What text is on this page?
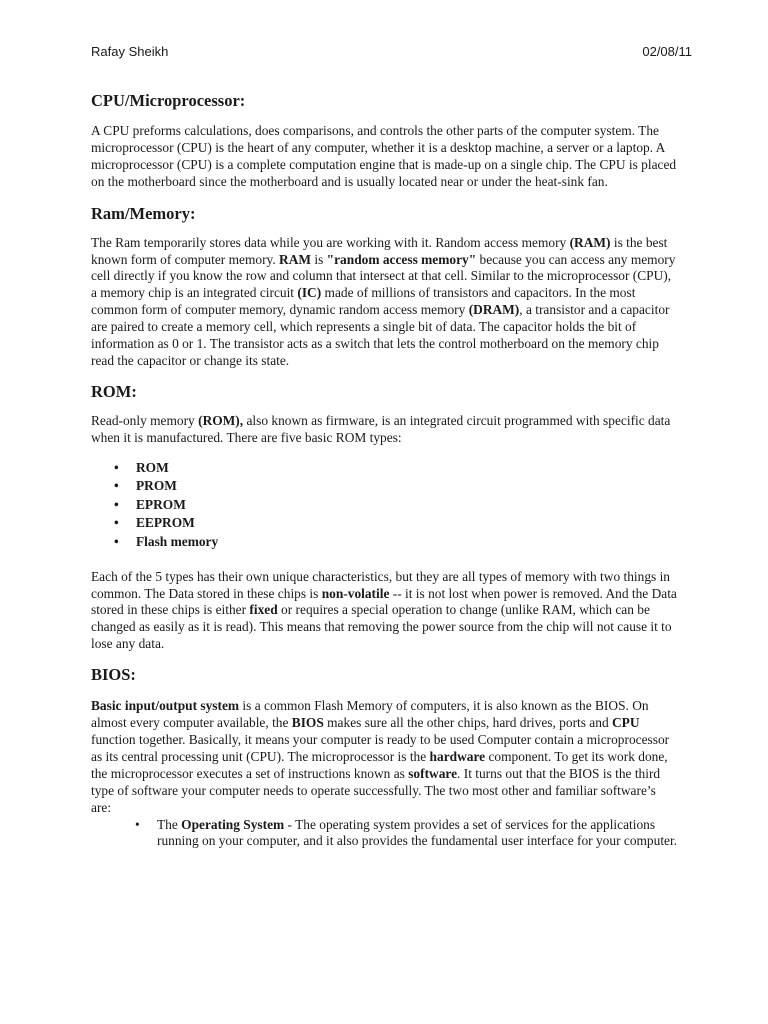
Rafay Sheikh	02/08/11
CPU/Microprocessor:

A CPU preforms calculations, does comparisons, and controls the other parts of the computer system. The microprocessor (CPU) is the heart of any computer, whether it is a desktop machine, a server or a laptop. A microprocessor (CPU) is a complete computation engine that is made-up on a single chip. The CPU is placed on the motherboard since the motherboard and is usually located near or under the heat-sink fan.

Ram/Memory:

The Ram temporarily stores data while you are working with it. Random access memory (RAM) is the best known form of computer memory. RAM is "random access memory" because you can access any memory cell directly if you know the row and column that intersect at that cell. Similar to the microprocessor (CPU), a memory chip is an integrated circuit (IC) made of millions of transistors and capacitors. In the most common form of computer memory, dynamic random access memory (DRAM), a transistor and a capacitor are paired to create a memory cell, which represents a single bit of data. The capacitor holds the bit of information as 0 or 1. The transistor acts as a switch that lets the control motherboard on the memory chip read the capacitor or change its state.

ROM:

Read-only memory (ROM), also known as firmware, is an integrated circuit programmed with specific data when it is manufactured. There are five basic ROM types:

• ROM
• PROM
• EPROM
• EEPROM
• Flash memory

Each of the 5 types has their own unique characteristics, but they are all types of memory with two things in common. The Data stored in these chips is non-volatile -- it is not lost when power is removed. And the Data stored in these chips is either fixed or requires a special operation to change (unlike RAM, which can be changed as easily as it is read). This means that removing the power source from the chip will not cause it to lose any data.

BIOS:

Basic input/output system is a common Flash Memory of computers, it is also known as the BIOS. On almost every computer available, the BIOS makes sure all the other chips, hard drives, ports and CPU function together. Basically, it means your computer is ready to be used Computer contain a microprocessor as its central processing unit (CPU). The microprocessor is the hardware component. To get its work done, the microprocessor executes a set of instructions known as software. It turns out that the BIOS is the third type of software your computer needs to operate successfully. The two most other and familiar software’s are:

• The Operating System - The operating system provides a set of services for the applications running on your computer, and it also provides the fundamental user interface for your computer.
